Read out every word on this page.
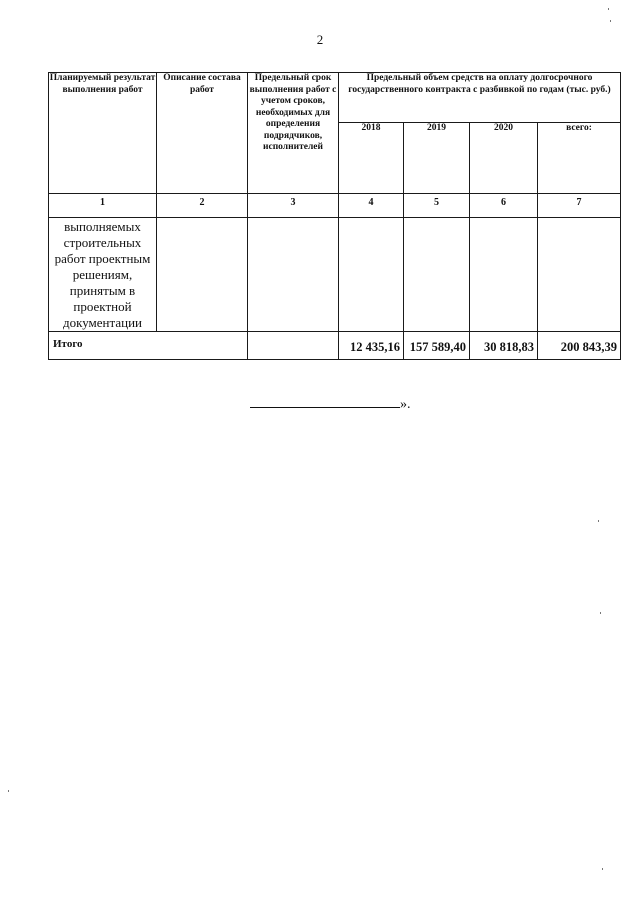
2
Планируемый результат выполнения работ	Описание состава работ	Предельный срок выполнения работ с учетом сроков, необходимых для определения подрядчиков, исполнителей	Предельный объем средств на оплату долгосрочного государственного контракта с разбивкой по годам (тыс. руб.)			
			2018	2019	2020	всего:
1	2	3	4	5	6	7
выполняемых строительных работ проектным решениям, принятым в проектной документации						
Итого			12 435,16	157 589,40	30 818,83	200 843,39
».
